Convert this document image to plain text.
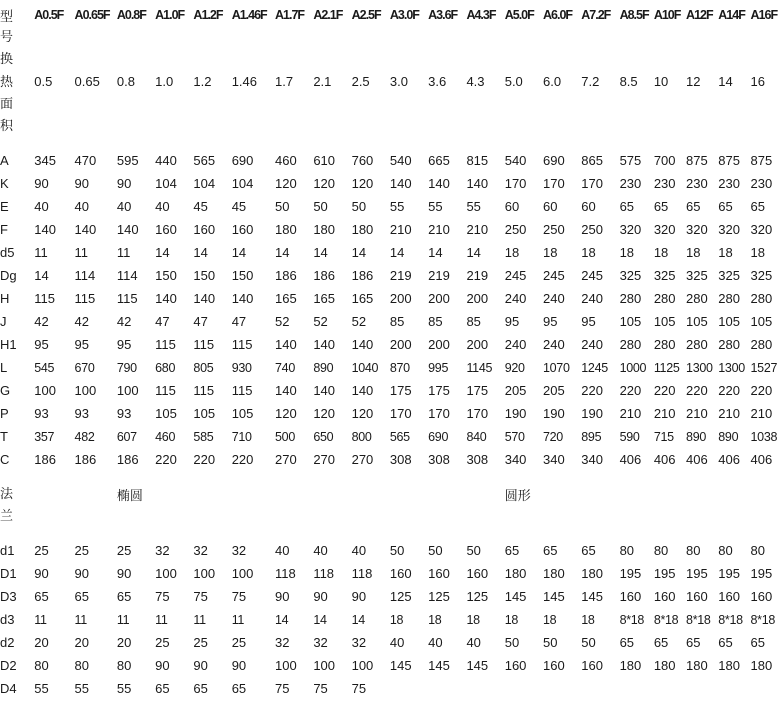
型	A0.5F	A0.65F	A0.8F	A1.0F	A1.2F	A1.46F	A1.7F	A2.1F	A2.5F	A3.0F	A3.6F	A4.3F	A5.0F	A6.0F	A7.2F	A8.5F	A10F	A12F	A14F	A16F
号																				
换																				
热	0.5	0.65	0.8	1.0	1.2	1.46	1.7	2.1	2.5	3.0	3.6	4.3	5.0	6.0	7.2	8.5	10	12	14	16
面																				
积																				

A	345	470	595	440	565	690	460	610	760	540	665	815	540	690	865	575	700	875	875	875
K	90	90	90	104	104	104	120	120	120	140	140	140	170	170	170	230	230	230	230	230
E	40	40	40	40	45	45	50	50	50	55	55	55	60	60	60	65	65	65	65	65
F	140	140	140	160	160	160	180	180	180	210	210	210	250	250	250	320	320	320	320	320
d5	11	11	11	14	14	14	14	14	14	14	14	14	18	18	18	18	18	18	18	18
Dg	14	114	114	150	150	150	186	186	186	219	219	219	245	245	245	325	325	325	325	325
H	115	115	115	140	140	140	165	165	165	200	200	200	240	240	240	280	280	280	280	280
J	42	42	42	47	47	47	52	52	52	85	85	85	95	95	95	105	105	105	105	105
H1	95	95	95	115	115	115	140	140	140	200	200	200	240	240	240	280	280	280	280	280
L	545	670	790	680	805	930	740	890	1040	870	995	1145	920	1070	1245	1000	1125	1300	1300	1527
G	100	100	100	115	115	115	140	140	140	175	175	175	205	205	220	220	220	220	220	220
P	93	93	93	105	105	105	120	120	120	170	170	170	190	190	190	210	210	210	210	210
T	357	482	607	460	585	710	500	650	800	565	690	840	570	720	895	590	715	890	890	1038
C	186	186	186	220	220	220	270	270	270	308	308	308	340	340	340	406	406	406	406	406

法			椭圆										圆形							
兰																				

d1	25	25	25	32	32	32	40	40	40	50	50	50	65	65	65	80	80	80	80	80
D1	90	90	90	100	100	100	118	118	118	160	160	160	180	180	180	195	195	195	195	195
D3	65	65	65	75	75	75	90	90	90	125	125	125	145	145	145	160	160	160	160	160
d3	11	11	11	11	11	11	14	14	14	18	18	18	18	18	18	8*18	8*18	8*18	8*18	8*18
d2	20	20	20	25	25	25	32	32	32	40	40	40	50	50	50	65	65	65	65	65
D2	80	80	80	90	90	90	100	100	100	145	145	145	160	160	160	180	180	180	180	180
D4	55	55	55	65	65	65	75	75	75											
